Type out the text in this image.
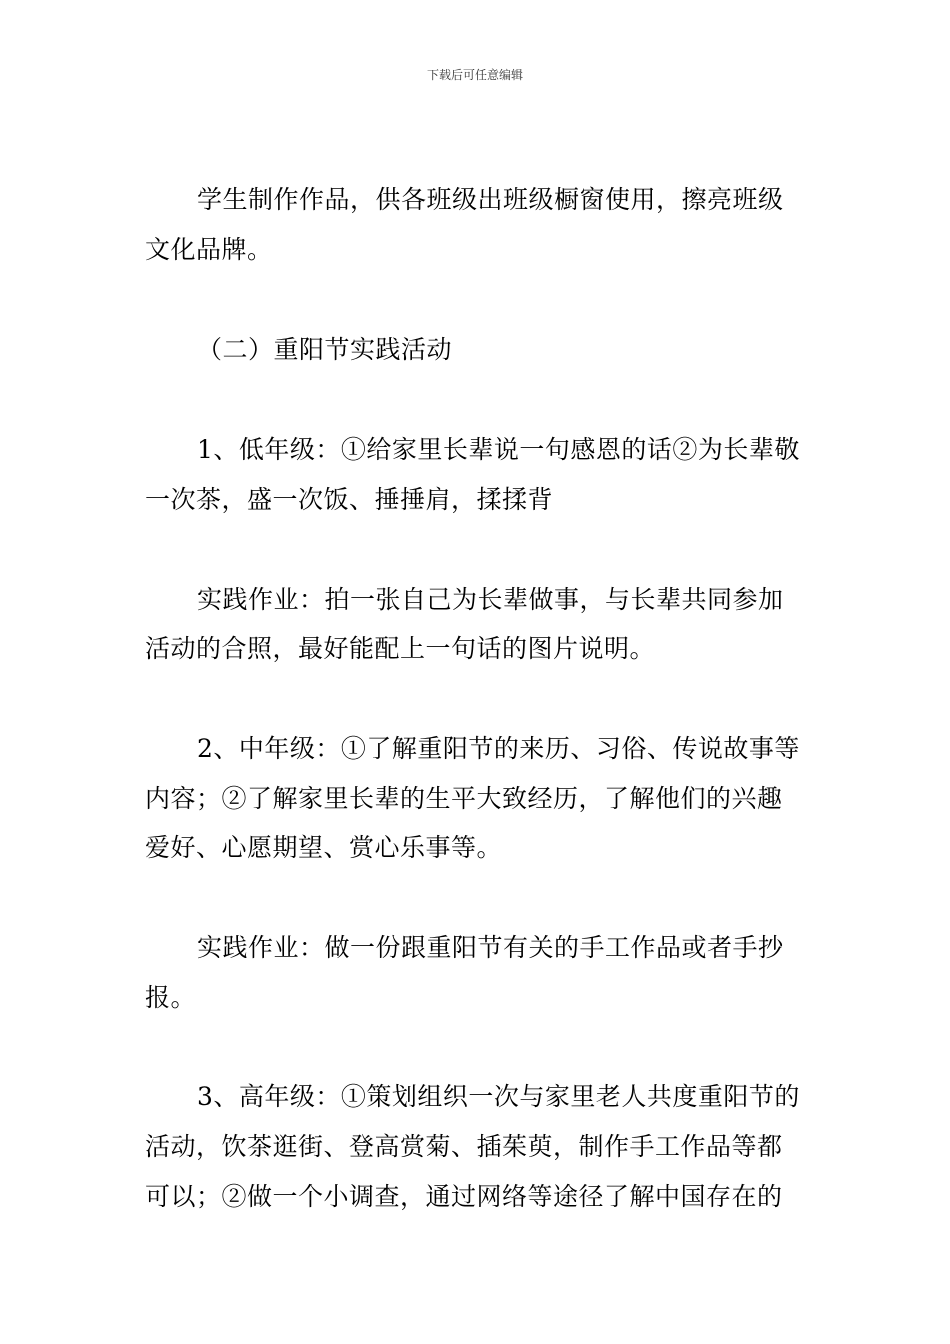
下载后可任意编辑
学生制作作品，供各班级出班级橱窗使用，擦亮班级
文化品牌。
（二）重阳节实践活动
1、低年级：①给家里长辈说一句感恩的话②为长辈敬
一次茶，盛一次饭、捶捶肩，揉揉背
实践作业：拍一张自己为长辈做事，与长辈共同参加
活动的合照，最好能配上一句话的图片说明。
2、中年级：①了解重阳节的来历、习俗、传说故事等
内容；②了解家里长辈的生平大致经历，了解他们的兴趣
爱好、心愿期望、赏心乐事等。
实践作业：做一份跟重阳节有关的手工作品或者手抄
报。
3、高年级：①策划组织一次与家里老人共度重阳节的
活动，饮茶逛街、登高赏菊、插茱萸，制作手工作品等都
可以；②做一个小调查，通过网络等途径了解中国存在的
